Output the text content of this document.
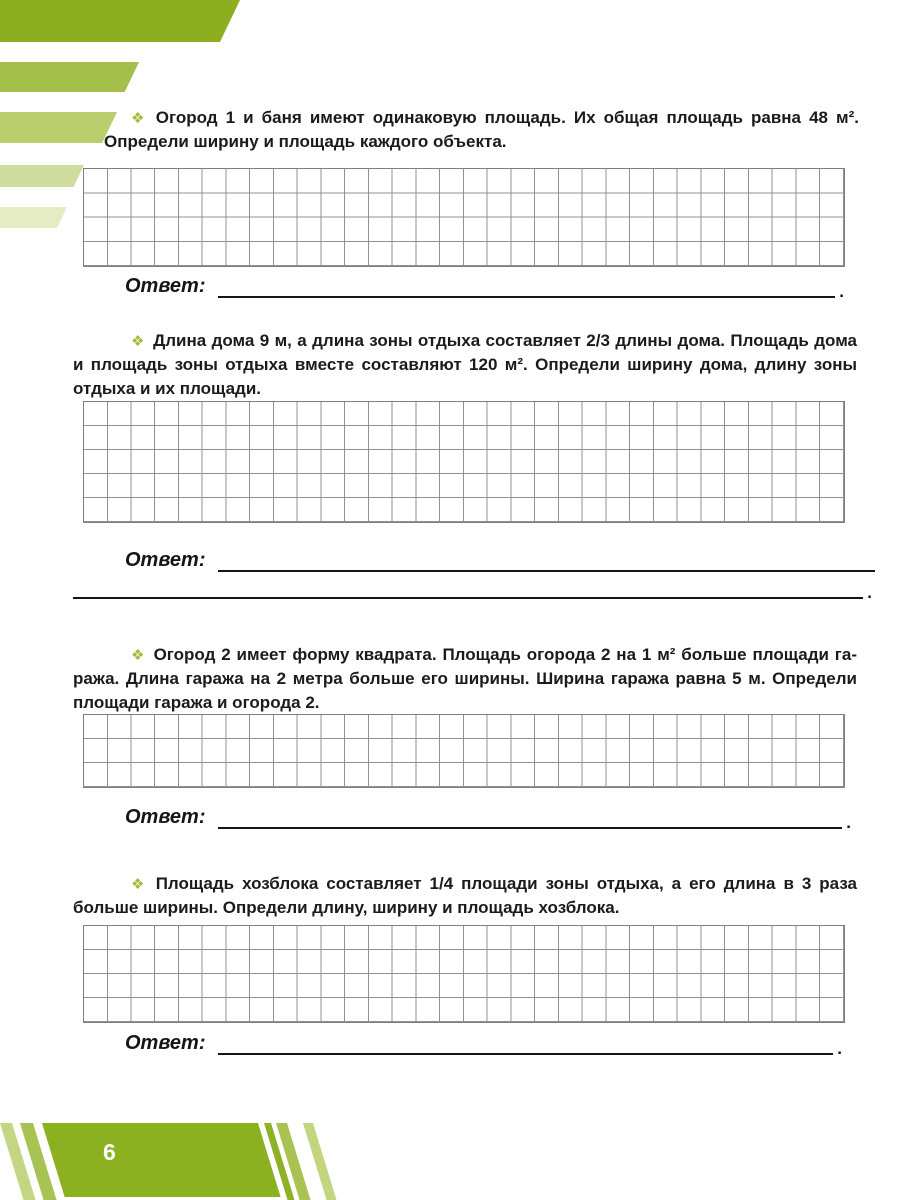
❖ Огород 1 и баня имеют одинаковую площадь. Их общая площадь равна 48 м².
Определи ширину и площадь каждого объекта.
Ответ:	.
❖ Длина дома 9 м, а длина зоны отдыха составляет 2/3 длины дома. Площадь дома
и площадь зоны отдыха вместе составляют 120 м². Определи ширину дома, длину зоны
отдыха и их площади.
Ответ:
.
❖ Огород 2 имеет форму квадрата. Площадь огорода 2 на 1 м² больше площади га-
ража. Длина гаража на 2 метра больше его ширины. Ширина гаража равна 5 м. Определи
площади гаража и огорода 2.
Ответ:	.
❖ Площадь хозблока составляет 1/4 площади зоны отдыха, а его длина в 3 раза
больше ширины. Определи длину, ширину и площадь хозблока.
Ответ:	.
6
